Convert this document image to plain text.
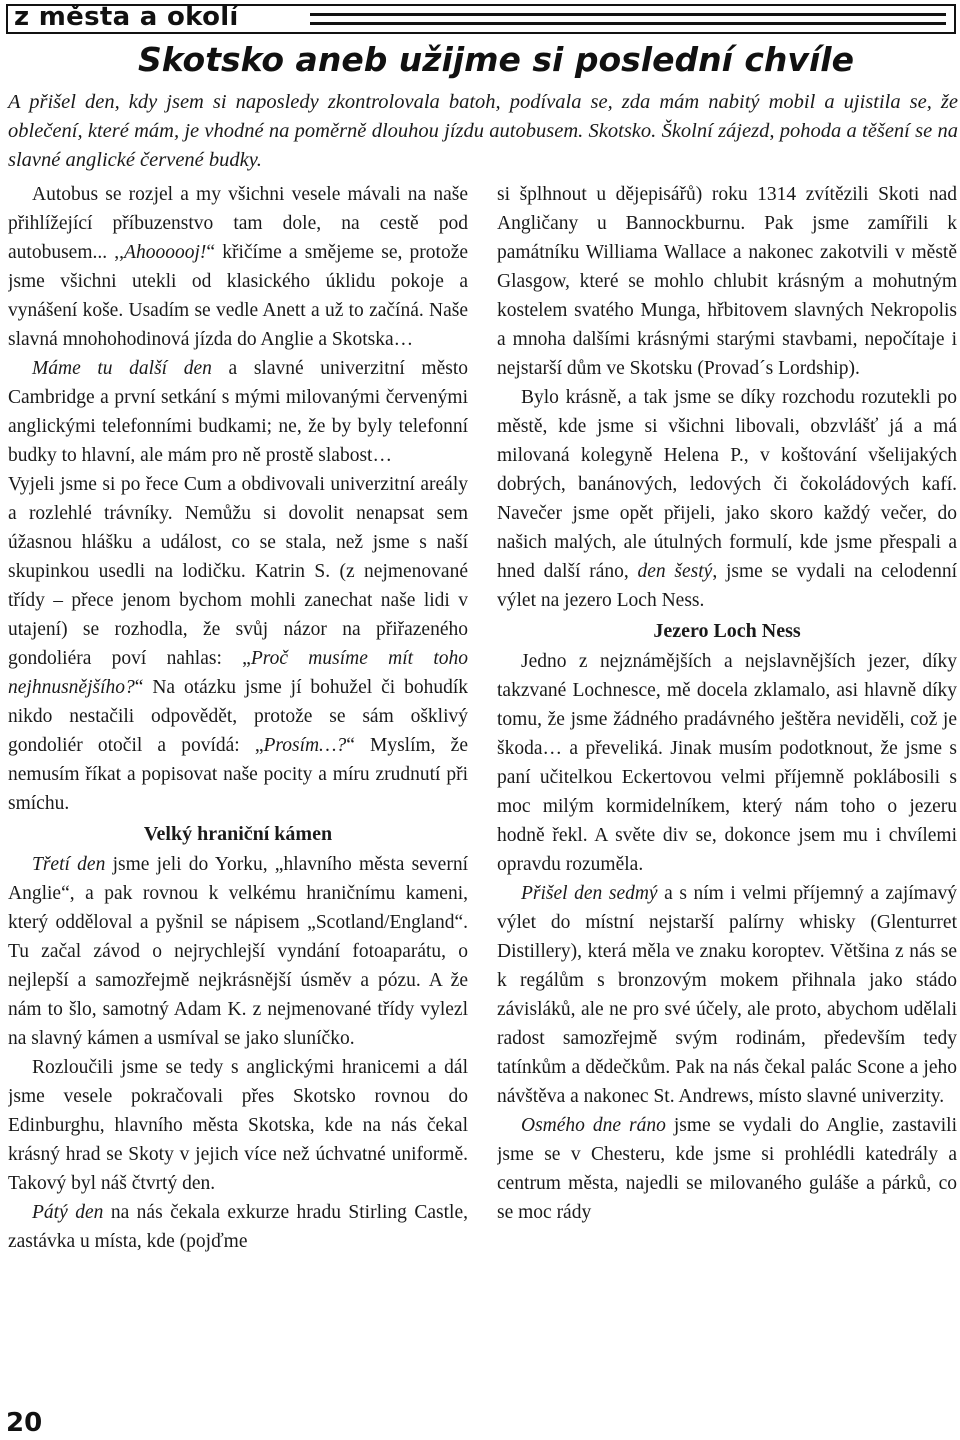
z města a okolí
Skotsko aneb užijme si poslední chvíle
A přišel den, kdy jsem si naposledy zkontrolovala batoh, podívala se, zda mám nabitý mobil a ujistila se, že oblečení, které mám, je vhodné na poměrně dlouhou jízdu autobusem. Skotsko. Školní zájezd, pohoda a těšení se na slavné anglické červené budky.

Autobus se rozjel a my všichni vesele mávali na naše přihlížející příbuzenstvo tam dole, na cestě pod autobusem... ,,Ahoooooj!“ křičíme a smějeme se, protože jsme všichni utekli od klasického úklidu pokoje a vynášení koše. Usadím se vedle Anett a už to začíná. Naše slavná mnohohodinová jízda do Anglie a Skotska…

Máme tu další den a slavné univerzitní město Cambridge a první setkání s mými milovanými červenými anglickými telefonními budkami; ne, že by byly telefonní budky to hlavní, ale mám pro ně prostě slabost…

Vyjeli jsme si po řece Cum a obdivovali univerzitní areály a rozlehlé trávníky. Nemůžu si dovolit nenapsat sem úžasnou hlášku a událost, co se stala, než jsme s naší skupinkou usedli na lodičku. Katrin S. (z nejmenované třídy – přece jenom bychom mohli zanechat naše lidi v utajení) se rozhodla, že svůj názor na přiřazeného gondoliéra poví nahlas: „Proč musíme mít toho nejhnusnějšího?“ Na otázku jsme jí bohužel či bohudík nikdo nestačili odpovědět, protože se sám ošklivý gondoliér otočil a povídá: „Prosím…?“ Myslím, že nemusím říkat a popisovat naše pocity a míru zrudnutí při smíchu.

Velký hraniční kámen

Třetí den jsme jeli do Yorku, „hlavního města severní Anglie“, a pak rovnou k velkému hraničnímu kameni, který odděloval a pyšnil se nápisem „Scotland/England“. Tu začal závod o nejrychlejší vyndání fotoaparátu, o nejlepší a samozřejmě nejkrásnější úsměv a pózu. A že nám to šlo, samotný Adam K. z nejmenované třídy vylezl na slavný kámen a usmíval se jako sluníčko.

Rozloučili jsme se tedy s anglickými hranicemi a dál jsme vesele pokračovali přes Skotsko rovnou do Edinburghu, hlavního města Skotska, kde na nás čekal krásný hrad se Skoty v jejich více než úchvatné uniformě. Takový byl náš čtvrtý den.

Pátý den na nás čekala exkurze hradu Stirling Castle, zastávka u místa, kde (pojďme

si šplhnout u dějepisářů) roku 1314 zvítězili Skoti nad Angličany u Bannockburnu. Pak jsme zamířili k památníku Williama Wallace a nakonec zakotvili v městě Glasgow, které se mohlo chlubit krásným a mohutným kostelem svatého Munga, hřbitovem slavných Nekropolis a mnoha dalšími krásnými starými stavbami, nepočítaje i nejstarší dům ve Skotsku (Provad´s Lordship).

Bylo krásně, a tak jsme se díky rozchodu rozutekli po městě, kde jsme si všichni libovali, obzvlášť já a má milovaná kolegyně Helena P., v koštování všelijakých dobrých, banánových, ledových či čokoládových kafí. Navečer jsme opět přijeli, jako skoro každý večer, do našich malých, ale útulných formulí, kde jsme přespali a hned další ráno, den šestý, jsme se vydali na celodenní výlet na jezero Loch Ness.

Jezero Loch Ness

Jedno z nejznámějších a nejslavnějších jezer, díky takzvané Lochnesce, mě docela zklamalo, asi hlavně díky tomu, že jsme žádného pradávného ještěra neviděli, což je škoda… a převeliká. Jinak musím podotknout, že jsme s paní učitelkou Eckertovou velmi příjemně poklábosili s moc milým kormidelníkem, který nám toho o jezeru hodně řekl. A světe div se, dokonce jsem mu i chvílemi opravdu rozuměla.

Přišel den sedmý a s ním i velmi příjemný a zajímavý výlet do místní nejstarší palírny whisky (Glenturret Distillery), která měla ve znaku koroptev. Většina z nás se k regálům s bronzovým mokem přihnala jako stádo závisláků, ale ne pro své účely, ale proto, abychom udělali radost samozřejmě svým rodinám, především tedy tatínkům a dědečkům. Pak na nás čekal palác Scone a jeho návštěva a nakonec St. Andrews, místo slavné univerzity.

Osmého dne ráno jsme se vydali do Anglie, zastavili jsme se v Chesteru, kde jsme si prohlédli katedrály a centrum města, najedli se milovaného guláše a párků, co se moc rády

20
